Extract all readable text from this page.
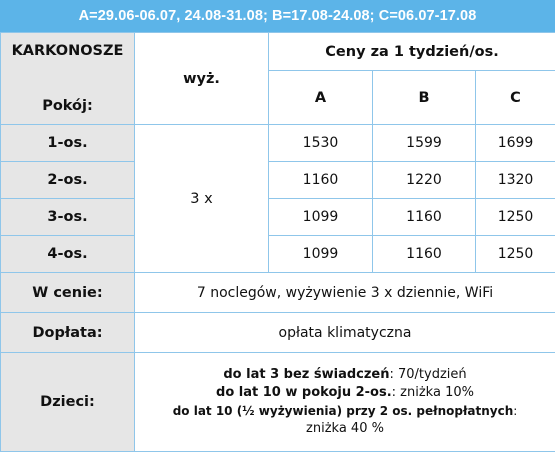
A=29.06-06.07, 24.08-31.08; B=17.08-24.08; C=06.07-17.08
KARKONOSZE
Pokój:	wyż.	Ceny za 1 tydzień/os.		
		A	B	C
1-os.	3 x	1530	1599	1699
2-os.		1160	1220	1320
3-os.		1099	1160	1250
4-os.		1099	1160	1250
W cenie:	7 noclegów, wyżywienie 3 x dziennie, WiFi			
Dopłata:	opłata klimatyczna			
Dzieci:	do lat 3 bez świadczeń: 70/tydzień
do lat 10 w pokoju 2-os.: zniżka 10%
do lat 10 (½ wyżywienia) przy 2 os. pełnopłatnych:
zniżka 40 %			
